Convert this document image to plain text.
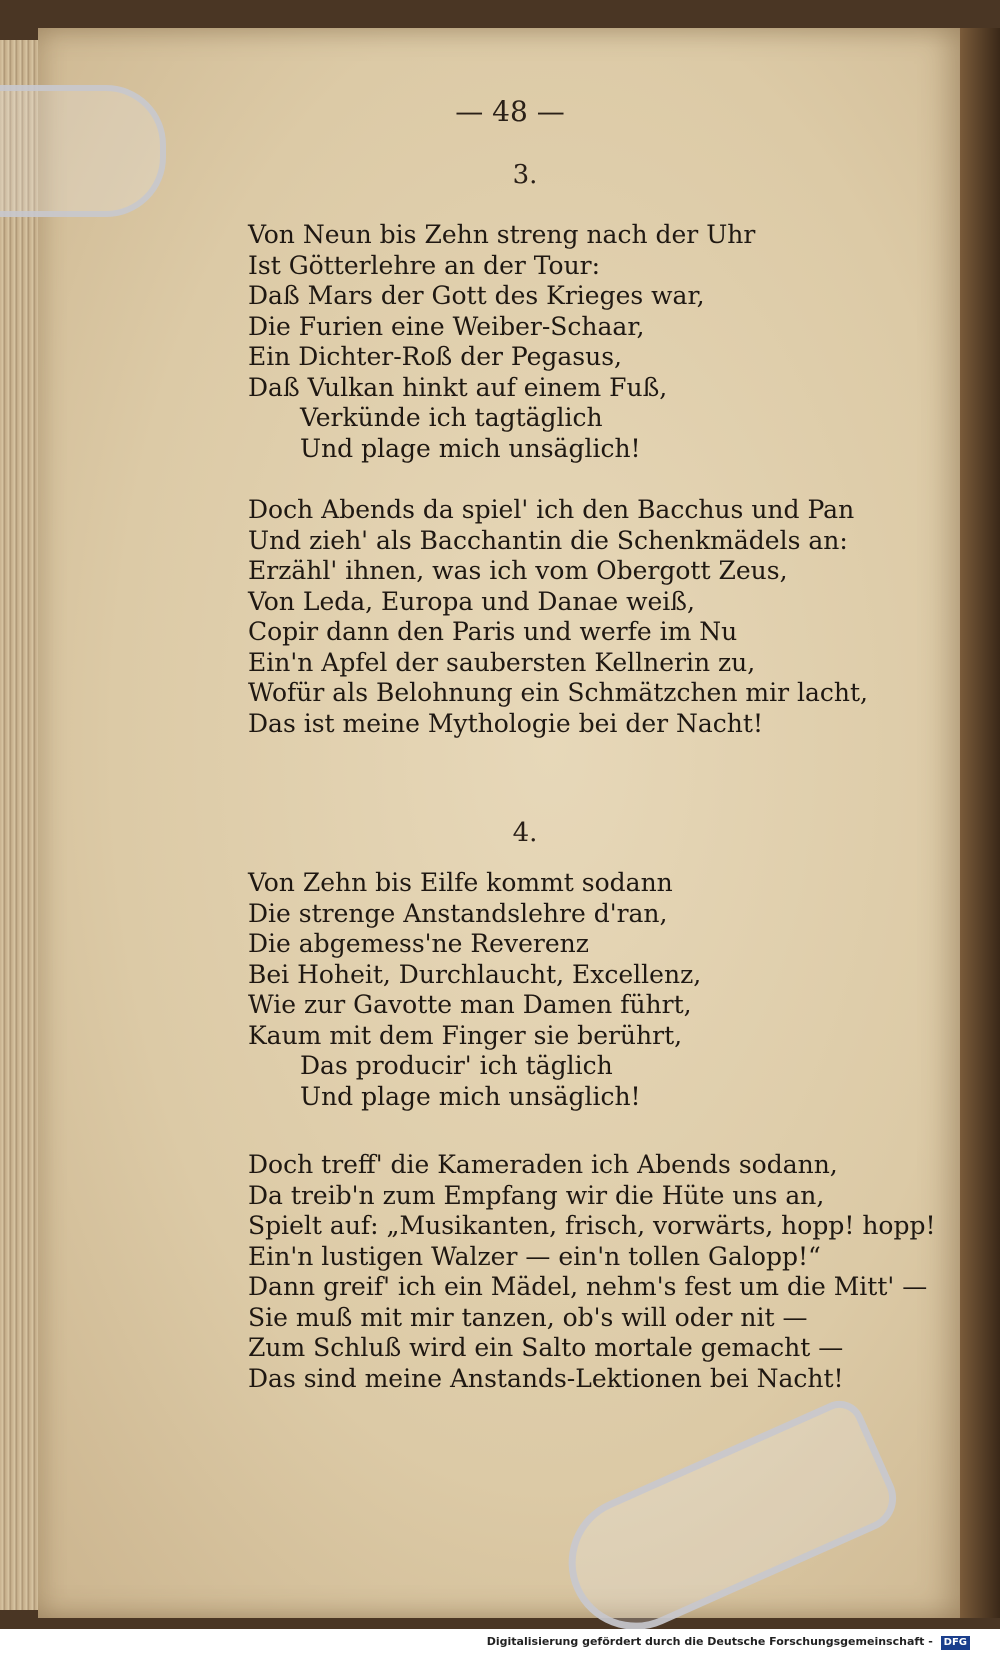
— 48 —
3.
Von Neun bis Zehn streng nach der Uhr
Ist Götterlehre an der Tour:
Daß Mars der Gott des Krieges war,
Die Furien eine Weiber-Schaar,
Ein Dichter-Roß der Pegasus,
Daß Vulkan hinkt auf einem Fuß,
Verkünde ich tagtäglich
Und plage mich unsäglich!
Doch Abends da spiel' ich den Bacchus und Pan
Und zieh' als Bacchantin die Schenkmädels an:
Erzähl' ihnen, was ich vom Obergott Zeus,
Von Leda, Europa und Danae weiß,
Copir dann den Paris und werfe im Nu
Ein'n Apfel der saubersten Kellnerin zu,
Wofür als Belohnung ein Schmätzchen mir lacht,
Das ist meine Mythologie bei der Nacht!
4.
Von Zehn bis Eilfe kommt sodann
Die strenge Anstandslehre d'ran,
Die abgemess'ne Reverenz
Bei Hoheit, Durchlaucht, Excellenz,
Wie zur Gavotte man Damen führt,
Kaum mit dem Finger sie berührt,
Das producir' ich täglich
Und plage mich unsäglich!
Doch treff' die Kameraden ich Abends sodann,
Da treib'n zum Empfang wir die Hüte uns an,
Spielt auf: „Musikanten, frisch, vorwärts, hopp! hopp!
Ein'n lustigen Walzer — ein'n tollen Galopp!“
Dann greif' ich ein Mädel, nehm's fest um die Mitt' —
Sie muß mit mir tanzen, ob's will oder nit —
Zum Schluß wird ein Salto mortale gemacht —
Das sind meine Anstands-Lektionen bei Nacht!
Digitalisierung gefördert durch die Deutsche Forschungsgemeinschaft - DFG
